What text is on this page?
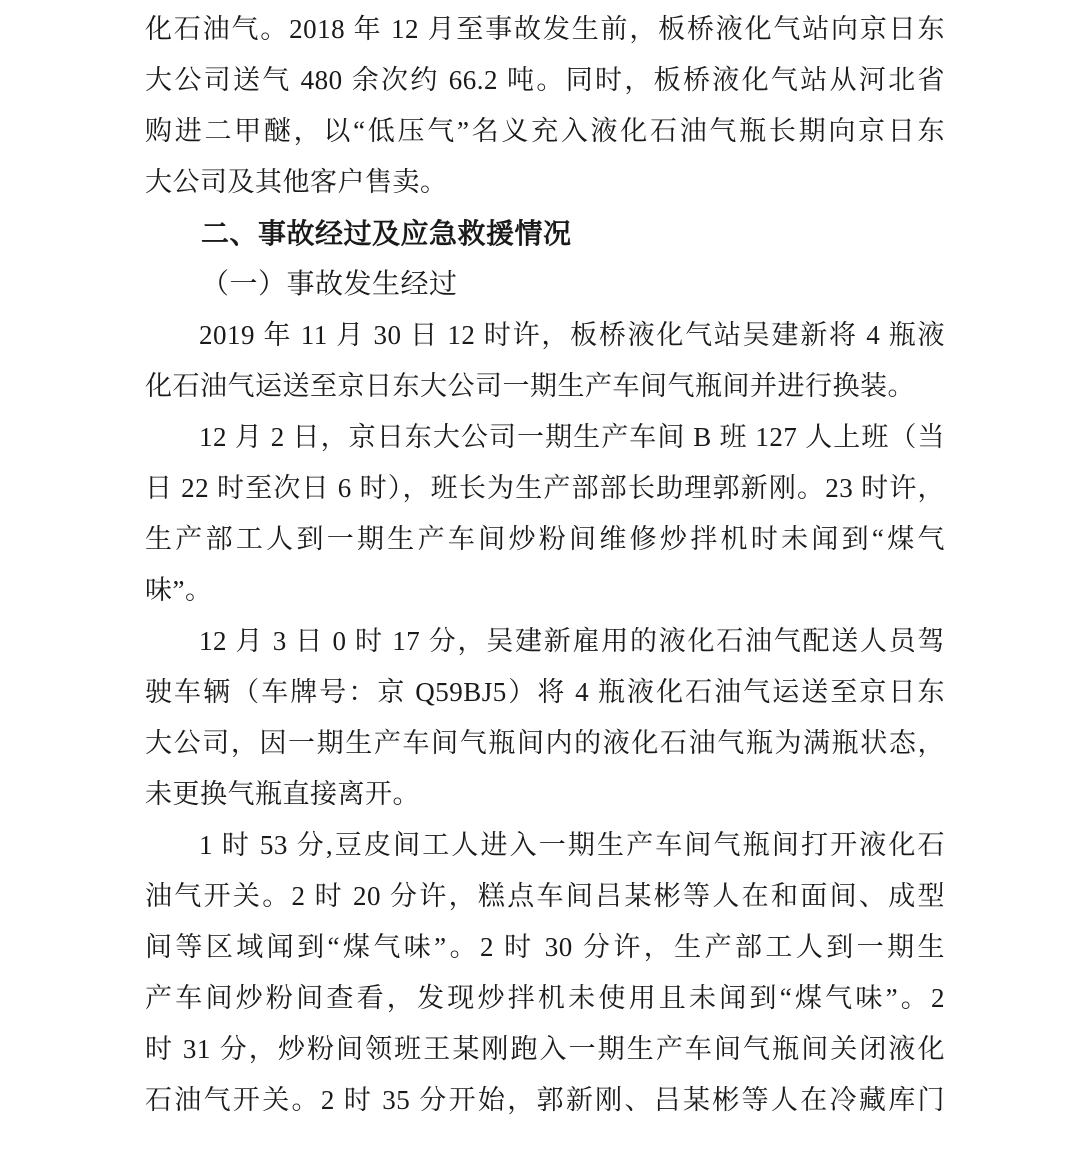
化石油气。2018 年 12 月至事故发生前，板桥液化气站向京日东
大公司送气 480 余次约 66.2 吨。同时，板桥液化气站从河北省
购进二甲醚，以“低压气”名义充入液化石油气瓶长期向京日东
大公司及其他客户售卖。
二、事故经过及应急救援情况
（一）事故发生经过
2019 年 11 月 30 日 12 时许，板桥液化气站吴建新将 4 瓶液
化石油气运送至京日东大公司一期生产车间气瓶间并进行换装。
12 月 2 日，京日东大公司一期生产车间 B 班 127 人上班（当
日 22 时至次日 6 时），班长为生产部部长助理郭新刚。23 时许，
生产部工人到一期生产车间炒粉间维修炒拌机时未闻到“煤气
味”。
12 月 3 日 0 时 17 分，吴建新雇用的液化石油气配送人员驾
驶车辆（车牌号：京 Q59BJ5）将 4 瓶液化石油气运送至京日东
大公司，因一期生产车间气瓶间内的液化石油气瓶为满瓶状态，
未更换气瓶直接离开。
1 时 53 分,豆皮间工人进入一期生产车间气瓶间打开液化石
油气开关。2 时 20 分许，糕点车间吕某彬等人在和面间、成型
间等区域闻到“煤气味”。2 时 30 分许，生产部工人到一期生
产车间炒粉间查看，发现炒拌机未使用且未闻到“煤气味”。2
时 31 分，炒粉间领班王某刚跑入一期生产车间气瓶间关闭液化
石油气开关。2 时 35 分开始，郭新刚、吕某彬等人在冷藏库门
